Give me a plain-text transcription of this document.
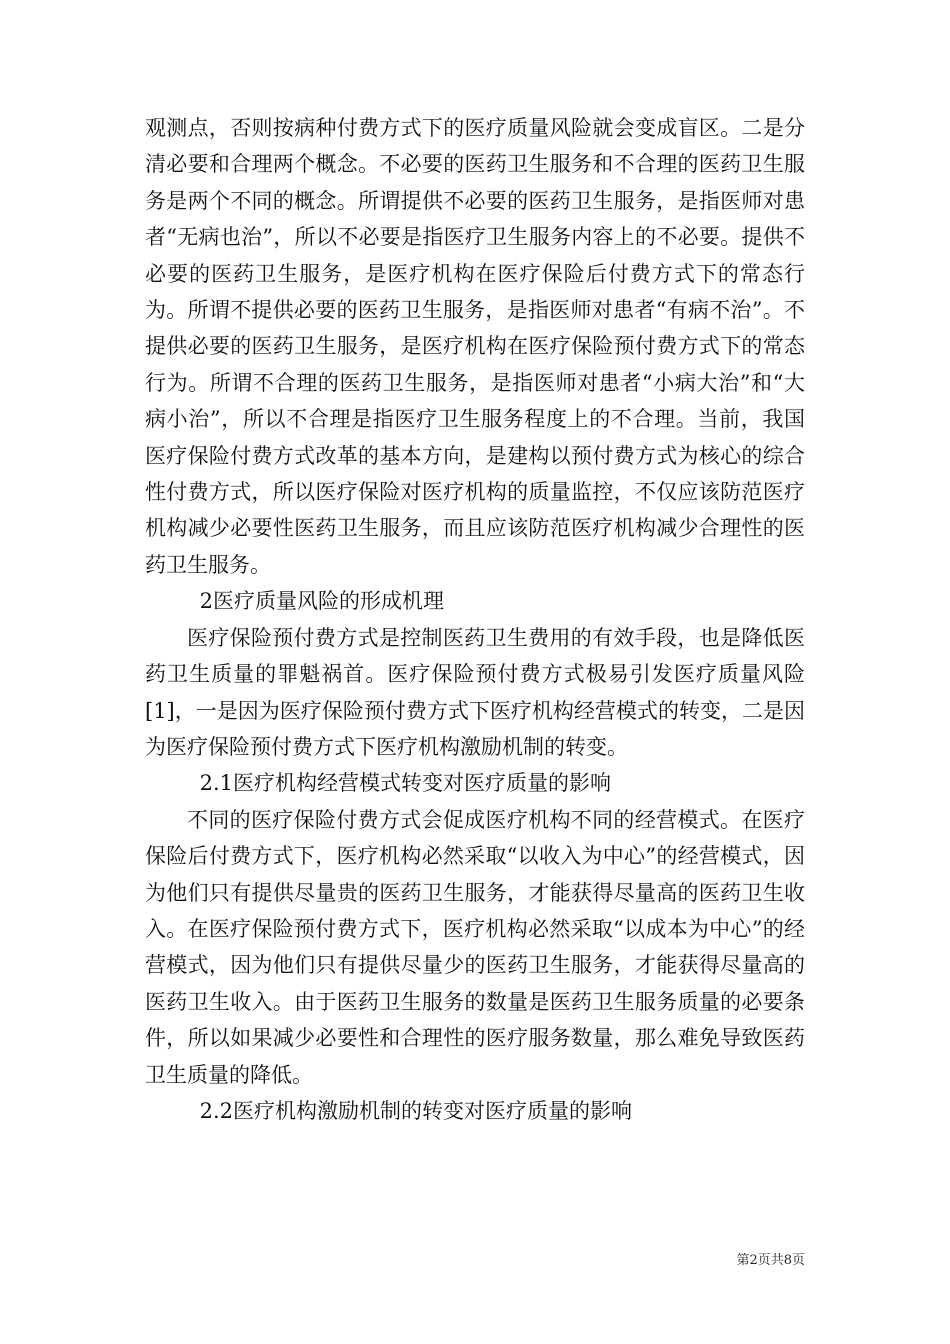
观测点，否则按病种付费方式下的医疗质量风险就会变成盲区。二是分清必要和合理两个概念。不必要的医药卫生服务和不合理的医药卫生服务是两个不同的概念。所谓提供不必要的医药卫生服务，是指医师对患者“无病也治”，所以不必要是指医疗卫生服务内容上的不必要。提供不必要的医药卫生服务，是医疗机构在医疗保险后付费方式下的常态行为。所谓不提供必要的医药卫生服务，是指医师对患者“有病不治”。不提供必要的医药卫生服务，是医疗机构在医疗保险预付费方式下的常态行为。所谓不合理的医药卫生服务，是指医师对患者“小病大治”和“大病小治”，所以不合理是指医疗卫生服务程度上的不合理。当前，我国医疗保险付费方式改革的基本方向，是建构以预付费方式为核心的综合性付费方式，所以医疗保险对医疗机构的质量监控，不仅应该防范医疗机构减少必要性医药卫生服务，而且应该防范医疗机构减少合理性的医药卫生服务。

2医疗质量风险的形成机理

医疗保险预付费方式是控制医药卫生费用的有效手段，也是降低医药卫生质量的罪魁祸首。医疗保险预付费方式极易引发医疗质量风险[1]，一是因为医疗保险预付费方式下医疗机构经营模式的转变，二是因为医疗保险预付费方式下医疗机构激励机制的转变。

2.1医疗机构经营模式转变对医疗质量的影响

不同的医疗保险付费方式会促成医疗机构不同的经营模式。在医疗保险后付费方式下，医疗机构必然采取“以收入为中心”的经营模式，因为他们只有提供尽量贵的医药卫生服务，才能获得尽量高的医药卫生收入。在医疗保险预付费方式下，医疗机构必然采取“以成本为中心”的经营模式，因为他们只有提供尽量少的医药卫生服务，才能获得尽量高的医药卫生收入。由于医药卫生服务的数量是医药卫生服务质量的必要条件，所以如果减少必要性和合理性的医疗服务数量，那么难免导致医药卫生质量的降低。

2.2医疗机构激励机制的转变对医疗质量的影响

第2页共8页
